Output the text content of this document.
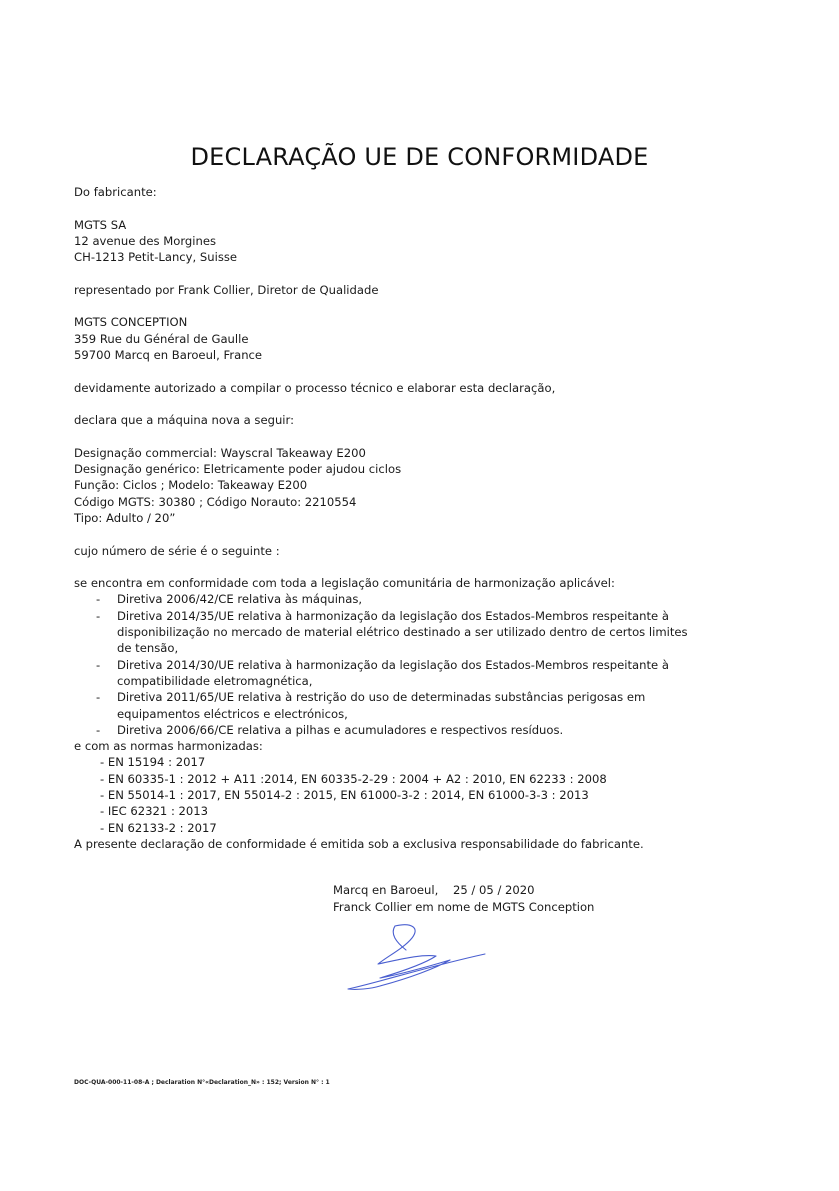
DECLARAÇÃO UE DE CONFORMIDADE

Do fabricante:

MGTS SA
12 avenue des Morgines
CH-1213 Petit-Lancy, Suisse

representado por Frank Collier, Diretor de Qualidade

MGTS CONCEPTION
359 Rue du Général de Gaulle
59700 Marcq en Baroeul, France

devidamente autorizado a compilar o processo técnico e elaborar esta declaração,

declara que a máquina nova a seguir:

Designação commercial: Wayscral Takeaway E200
Designação genérico: Eletricamente poder ajudou ciclos
Função: Ciclos ; Modelo: Takeaway E200
Código MGTS: 30380 ; Código Norauto: 2210554
Tipo: Adulto / 20”

cujo número de série é o seguinte :

se encontra em conformidade com toda a legislação comunitária de harmonização aplicável:

- Diretiva 2006/42/CE relativa às máquinas,
- Diretiva 2014/35/UE relativa à harmonização da legislação dos Estados-Membros respeitante à
disponibilização no mercado de material elétrico destinado a ser utilizado dentro de certos limites
de tensão,
- Diretiva 2014/30/UE relativa à harmonização da legislação dos Estados-Membros respeitante à
compatibilidade eletromagnética,
- Diretiva 2011/65/UE relativa à restrição do uso de determinadas substâncias perigosas em
equipamentos eléctricos e electrónicos,
- Diretiva 2006/66/CE relativa a pilhas e acumuladores e respectivos resíduos.

e com as normas harmonizadas:

- EN 15194 : 2017
- EN 60335-1 : 2012 + A11 :2014, EN 60335-2-29 : 2004 + A2 : 2010, EN 62233 : 2008
- EN 55014-1 : 2017, EN 55014-2 : 2015, EN 61000-3-2 : 2014, EN 61000-3-3 : 2013
- IEC 62321 : 2013
- EN 62133-2 : 2017

A presente declaração de conformidade é emitida sob a exclusiva responsabilidade do fabricante.

Marcq en Baroeul,    25 / 05 / 2020
Franck Collier em nome de MGTS Conception
DOC-QUA-000-11-08-A ; Declaration N°«Declaration_N» : 152; Version N° : 1
